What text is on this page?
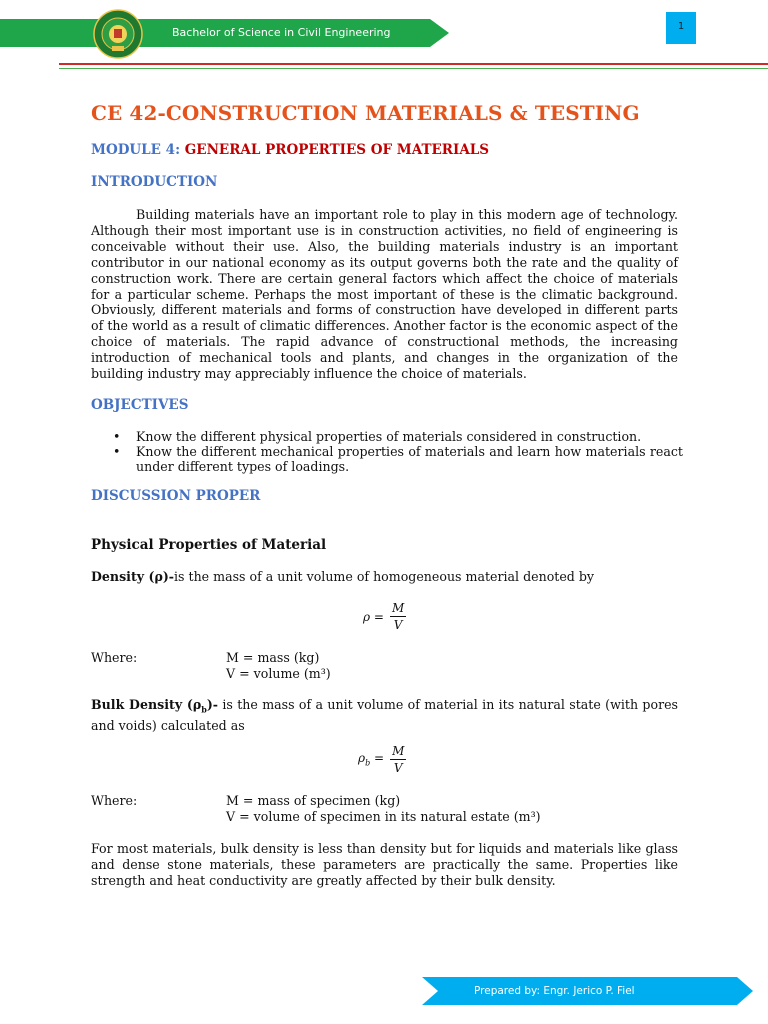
Bachelor of Science in Civil Engineering	1
CE 42-CONSTRUCTION MATERIALS & TESTING
MODULE 4: GENERAL PROPERTIES OF MATERIALS
INTRODUCTION
Building materials have an important role to play in this modern age of technology. Although their most important use is in construction activities, no field of engineering is conceivable without their use. Also, the building materials industry is an important contributor in our national economy as its output governs both the rate and the quality of construction work. There are certain general factors which affect the choice of materials for a particular scheme. Perhaps the most important of these is the climatic background. Obviously, different materials and forms of construction have developed in different parts of the world as a result of climatic differences. Another factor is the economic aspect of the choice of materials. The rapid advance of constructional methods, the increasing introduction of mechanical tools and plants, and changes in the organization of the building industry may appreciably influence the choice of materials.
OBJECTIVES
• Know the different physical properties of materials considered in construction.
• Know the different mechanical properties of materials and learn how materials react under different types of loadings.
DISCUSSION PROPER
Physical Properties of Material
Density (ρ)-is the mass of a unit volume of homogeneous material denoted by
$\rho = \frac{M}{V}$
Where:	M = mass (kg)
V = volume (m³)
Bulk Density $(\rho_b)-$ is the mass of a unit volume of material in its natural state (with pores and voids) calculated as
$\rho_b = \frac{M}{V}$
Where:	M = mass of specimen (kg)
V = volume of specimen in its natural estate (m³)
For most materials, bulk density is less than density but for liquids and materials like glass and dense stone materials, these parameters are practically the same. Properties like strength and heat conductivity are greatly affected by their bulk density.
Prepared by: Engr. Jerico P. Fiel
